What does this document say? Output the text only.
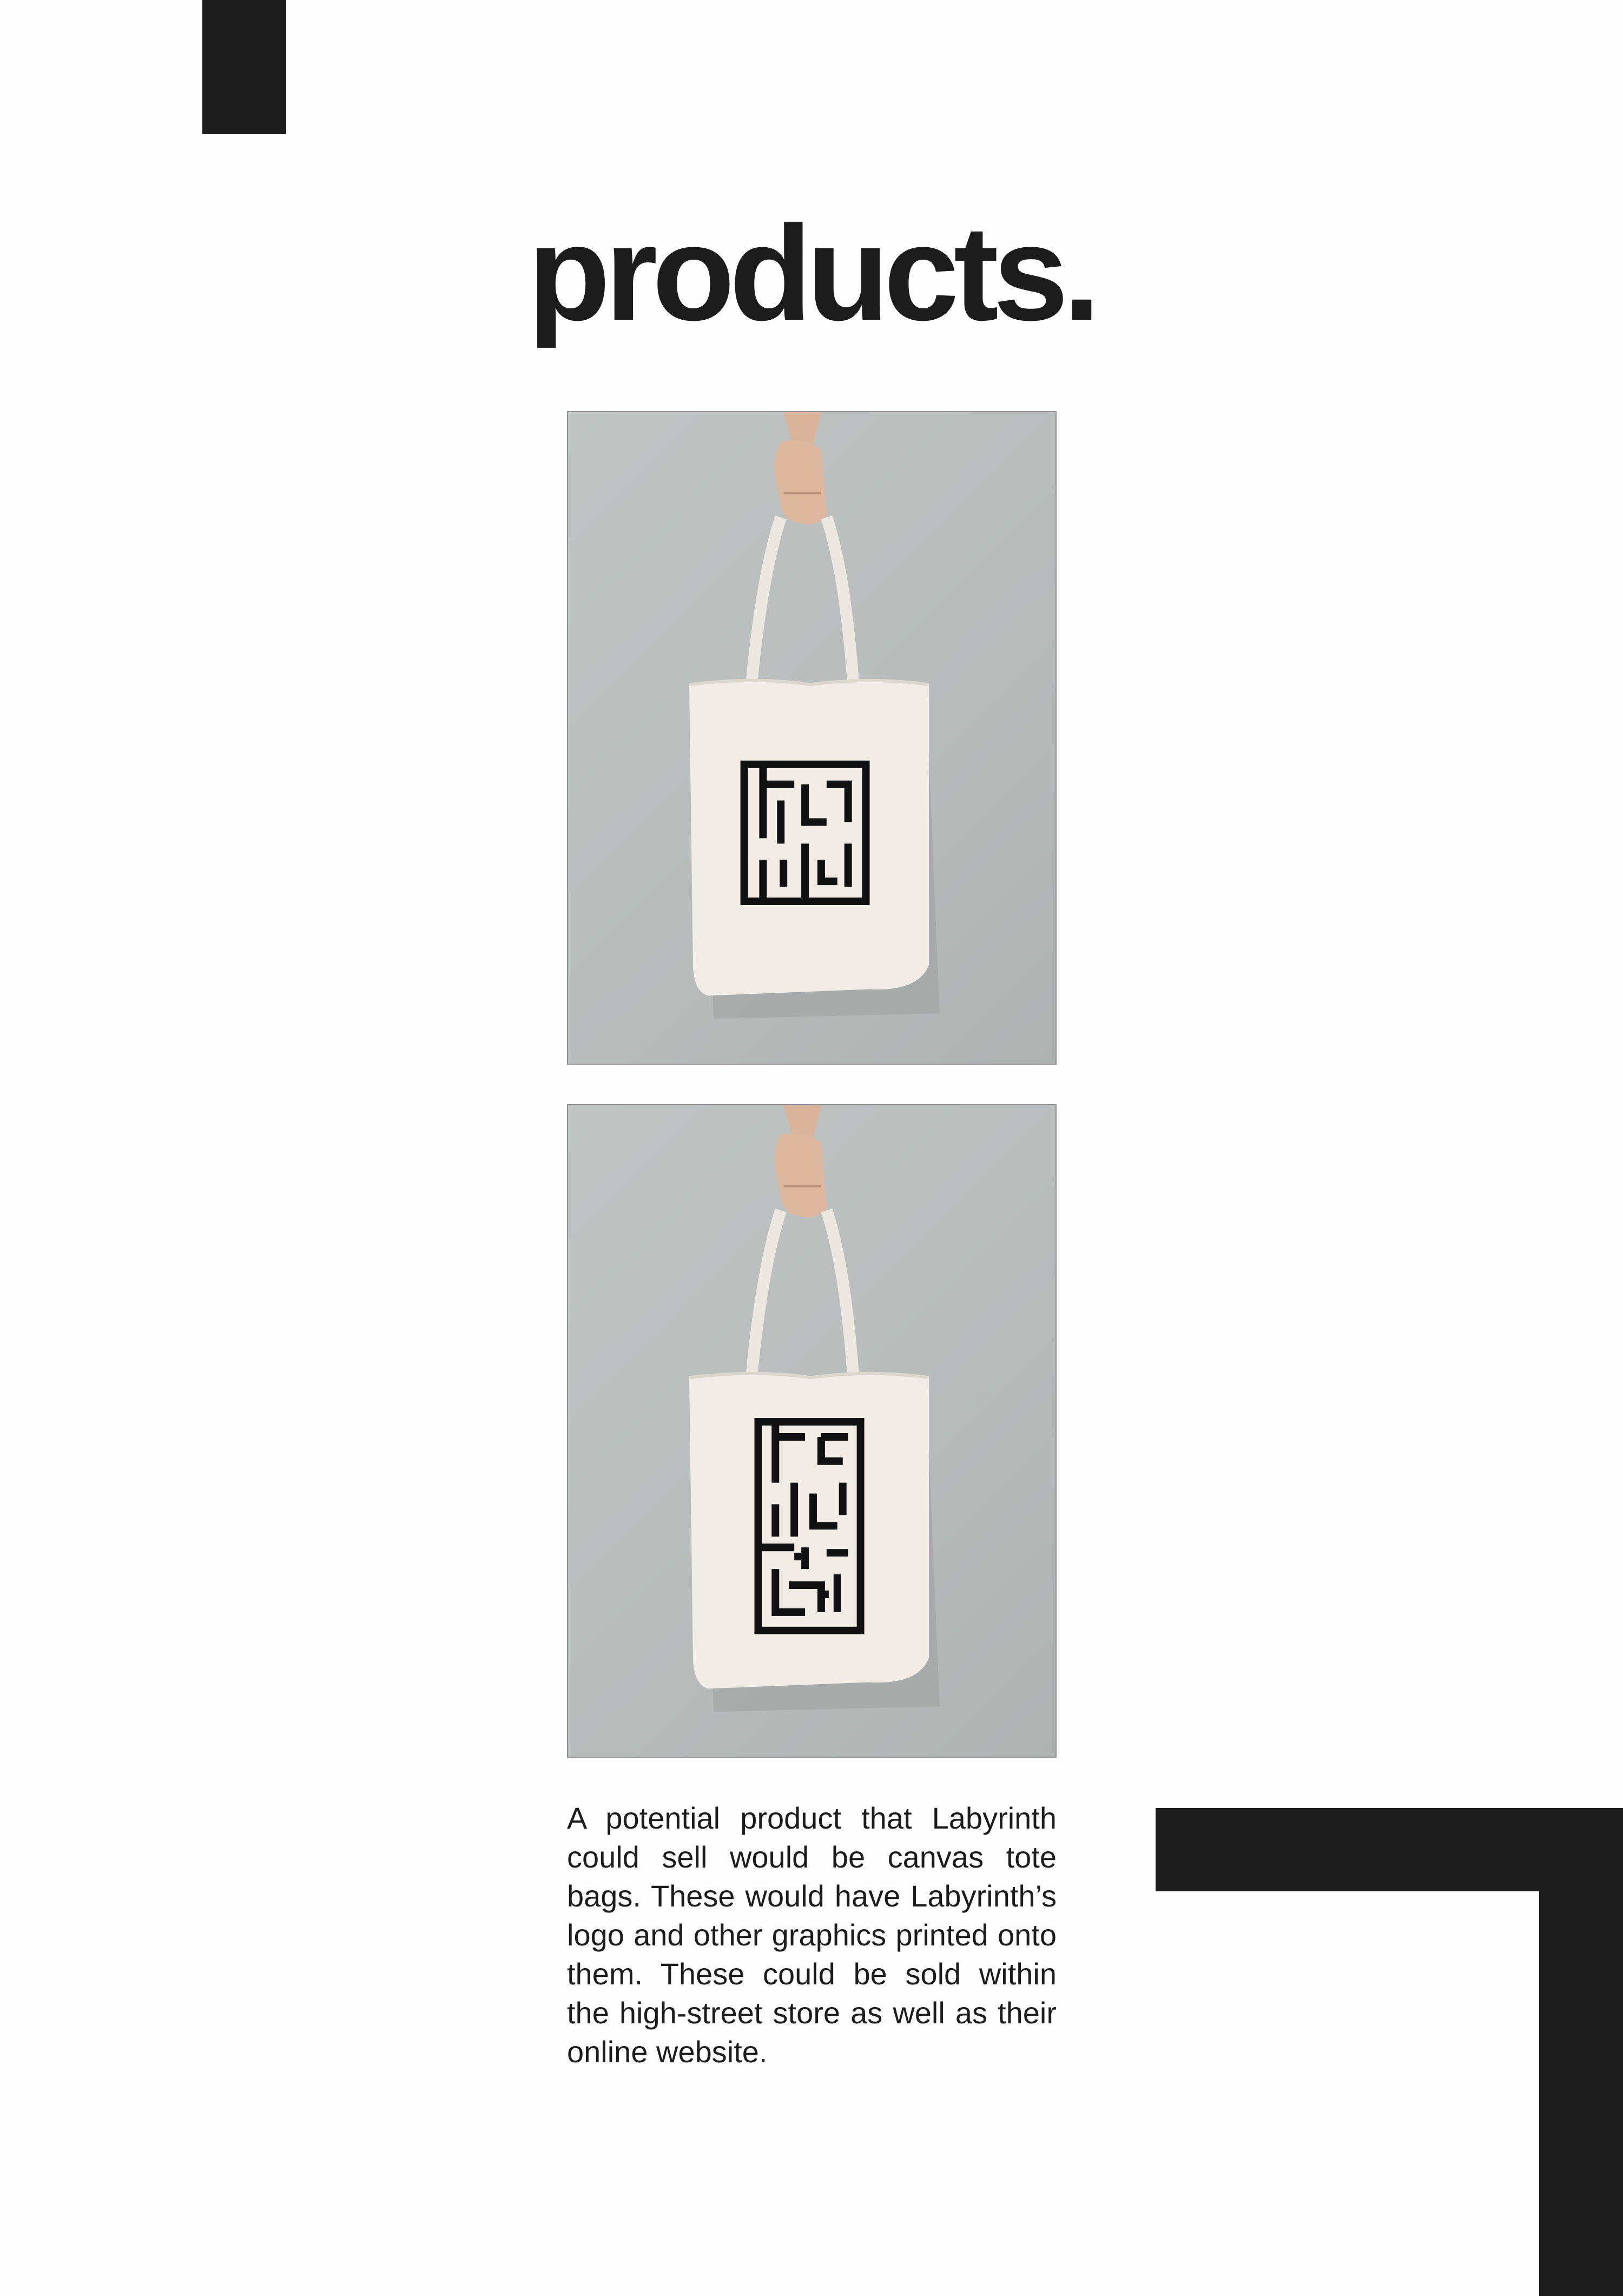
products.

A potential product that Labyrinth could sell would be canvas tote bags. These would have Labyrinth’s logo and other graphics printed onto them. These could be sold within the high-street store as well as their online website.
